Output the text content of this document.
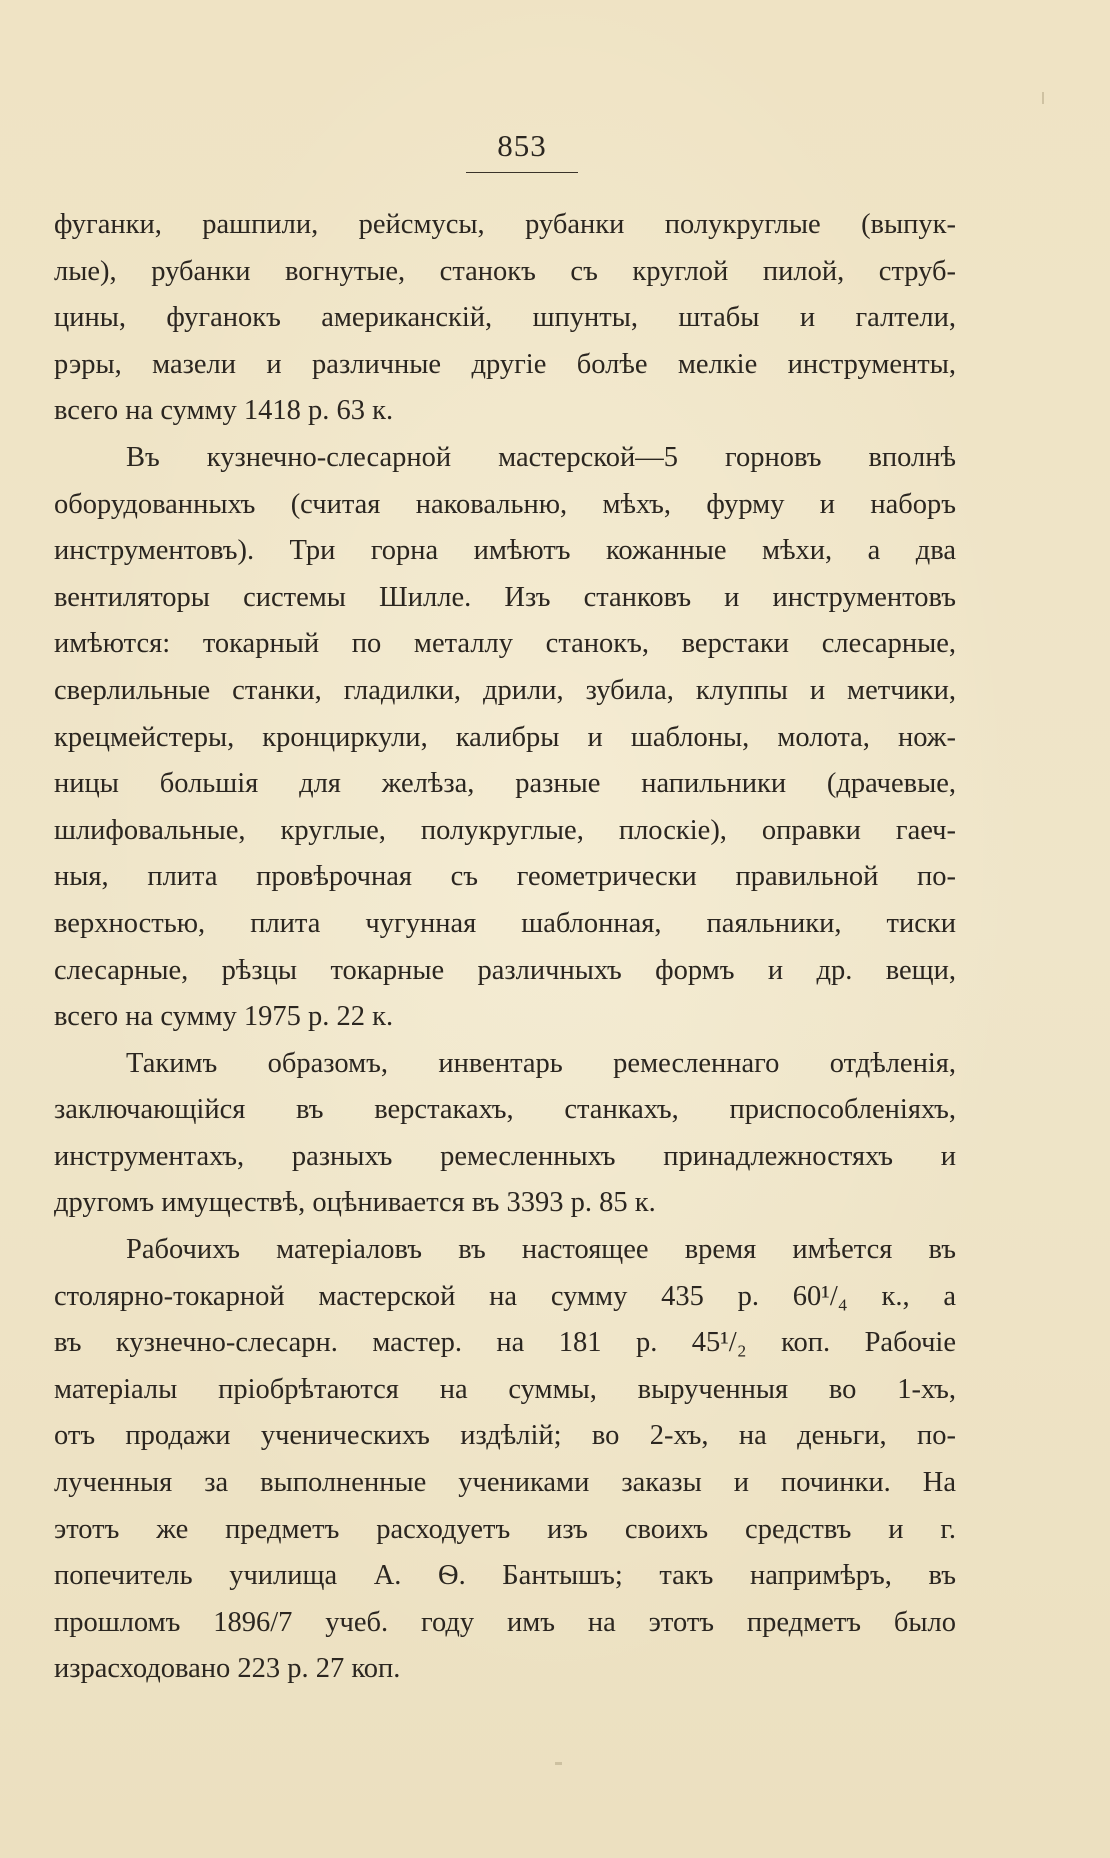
853
фуганки, рашпили, рейсмусы, рубанки полукруглые (выпук-
лые), рубанки вогнутые, станокъ съ круглой пилой, струб-
цины, фуганокъ американскій, шпунты, штабы и галтели,
рэры, мазели и различные другіе болѣе мелкіе инструменты,
всего на сумму 1418 р. 63 к.
Въ кузнечно-слесарной мастерской—5 горновъ вполнѣ
оборудованныхъ (считая наковальню, мѣхъ, фурму и наборъ
инструментовъ). Три горна имѣютъ кожанные мѣхи, а два
вентиляторы системы Шилле. Изъ станковъ и инструментовъ
имѣются: токарный по металлу станокъ, верстаки слесарные,
сверлильные станки, гладилки, дрили, зубила, клуппы и метчики,
крецмейстеры, кронциркули, калибры и шаблоны, молота, нож-
ницы большія для желѣза, разные напильники (драчевые,
шлифовальные, круглые, полукруглые, плоскіе), оправки гаеч-
ныя, плита провѣрочная съ геометрически правильной по-
верхностью, плита чугунная шаблонная, паяльники, тиски
слесарные, рѣзцы токарные различныхъ формъ и др. вещи,
всего на сумму 1975 р. 22 к.
Такимъ образомъ, инвентарь ремесленнаго отдѣленія,
заключающійся въ верстакахъ, станкахъ, приспособленіяхъ,
инструментахъ, разныхъ ремесленныхъ принадлежностяхъ и
другомъ имуществѣ, оцѣнивается въ 3393 р. 85 к.
Рабочихъ матеріаловъ въ настоящее время имѣется въ
столярно-токарной мастерской на сумму 435 р. 60¹/₄ к., а
въ кузнечно-слесарн. мастер. на 181 р. 45¹/₂ коп. Рабочіе
матеріалы пріобрѣтаются на суммы, вырученныя во 1-хъ,
отъ продажи ученическихъ издѣлій; во 2-хъ, на деньги, по-
лученныя за выполненные учениками заказы и починки. На
этотъ же предметъ расходуетъ изъ своихъ средствъ и г.
попечитель училища А. Ѳ. Бантышъ; такъ напримѣръ, въ
прошломъ 1896/7 учеб. году имъ на этотъ предметъ было
израсходовано 223 р. 27 коп.
